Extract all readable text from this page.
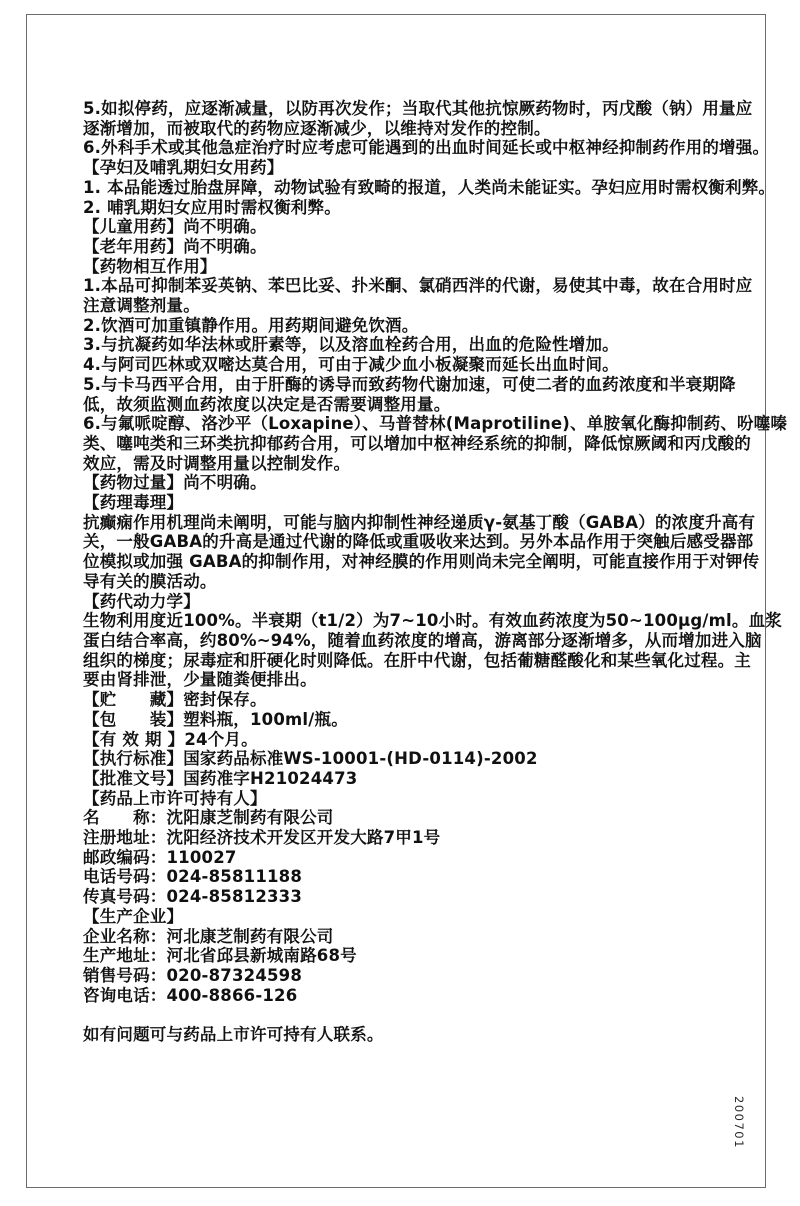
5.如拟停药，应逐渐减量，以防再次发作；当取代其他抗惊厥药物时，丙戊酸（钠）用量应
逐渐增加，而被取代的药物应逐渐减少，以维持对发作的控制。
6.外科手术或其他急症治疗时应考虑可能遇到的出血时间延长或中枢神经抑制药作用的增强。
【孕妇及哺乳期妇女用药】
1. 本品能透过胎盘屏障，动物试验有致畸的报道，人类尚未能证实。孕妇应用时需权衡利弊。
2. 哺乳期妇女应用时需权衡利弊。
【儿童用药】尚不明确。
【老年用药】尚不明确。
【药物相互作用】
1.本品可抑制苯妥英钠、苯巴比妥、扑米酮、氯硝西泮的代谢，易使其中毒，故在合用时应
注意调整剂量。
2.饮酒可加重镇静作用。用药期间避免饮酒。
3.与抗凝药如华法林或肝素等，以及溶血栓药合用，出血的危险性增加。
4.与阿司匹林或双嘧达莫合用，可由于减少血小板凝聚而延长出血时间。
5.与卡马西平合用，由于肝酶的诱导而致药物代谢加速，可使二者的血药浓度和半衰期降
低，故须监测血药浓度以决定是否需要调整用量。
6.与氟哌啶醇、洛沙平（Loxapine）、马普替林(Maprotiline)、单胺氧化酶抑制药、吩噻嗪
类、噻吨类和三环类抗抑郁药合用，可以增加中枢神经系统的抑制，降低惊厥阈和丙戊酸的
效应，需及时调整用量以控制发作。
【药物过量】尚不明确。
【药理毒理】
抗癫痫作用机理尚未阐明，可能与脑内抑制性神经递质γ-氨基丁酸（GABA）的浓度升高有
关，一般GABA的升高是通过代谢的降低或重吸收来达到。另外本品作用于突触后感受器部
位模拟或加强 GABA的抑制作用，对神经膜的作用则尚未完全阐明，可能直接作用于对钾传
导有关的膜活动。
【药代动力学】
生物利用度近100%。半衰期（t1/2）为7~10小时。有效血药浓度为50~100μg/ml。血浆
蛋白结合率高，约80%~94%，随着血药浓度的增高，游离部分逐渐增多，从而增加进入脑
组织的梯度；尿毒症和肝硬化时则降低。在肝中代谢，包括葡糖醛酸化和某些氧化过程。主
要由肾排泄，少量随粪便排出。
【贮　　藏】密封保存。
【包　　装】塑料瓶，100ml/瓶。
【有 效 期 】24个月。
【执行标准】国家药品标准WS-10001-(HD-0114)-2002
【批准文号】国药准字H21024473
【药品上市许可持有人】
名　　称：沈阳康芝制药有限公司
注册地址：沈阳经济技术开发区开发大路7甲1号
邮政编码：110027
电话号码：024-85811188
传真号码：024-85812333
【生产企业】
企业名称：河北康芝制药有限公司
生产地址：河北省邱县新城南路68号
销售号码：020-87324598
咨询电话：400-8866-126
如有问题可与药品上市许可持有人联系。
200701
